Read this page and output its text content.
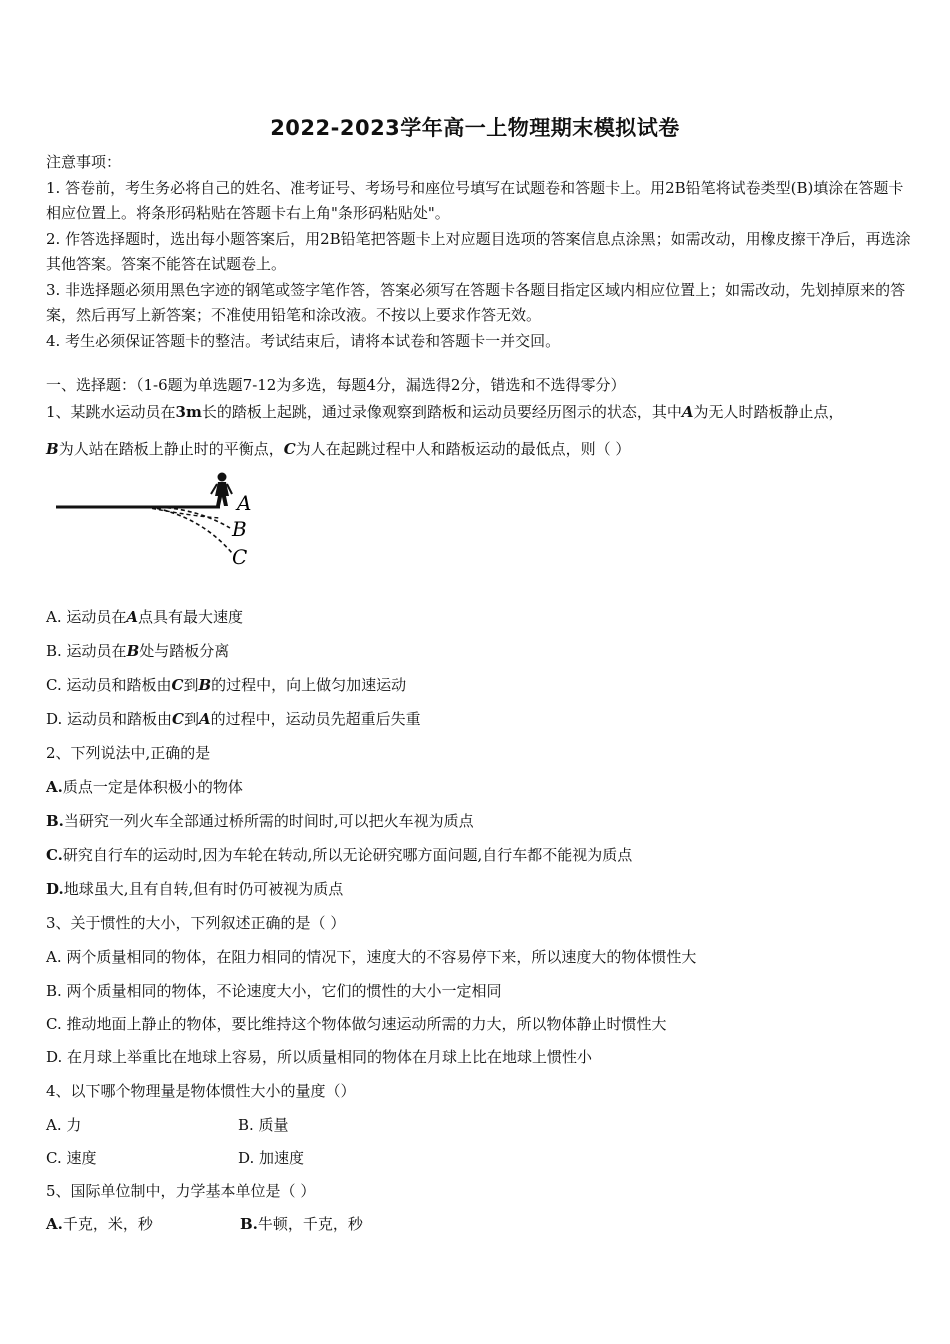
2022-2023学年高一上物理期末模拟试卷

注意事项：

1. 答卷前，考生务必将自己的姓名、准考证号、考场号和座位号填写在试题卷和答题卡上。用2B铅笔将试卷类型(B)填涂在答题卡相应位置上。将条形码粘贴在答题卡右上角"条形码粘贴处"。

2. 作答选择题时，选出每小题答案后，用2B铅笔把答题卡上对应题目选项的答案信息点涂黑；如需改动，用橡皮擦干净后，再选涂其他答案。答案不能答在试题卷上。

3. 非选择题必须用黑色字迹的钢笔或签字笔作答，答案必须写在答题卡各题目指定区域内相应位置上；如需改动，先划掉原来的答案，然后再写上新答案；不准使用铅笔和涂改液。不按以上要求作答无效。

4. 考生必须保证答题卡的整洁。考试结束后，请将本试卷和答题卡一并交回。

一、选择题：（1-6题为单选题7-12为多选，每题4分，漏选得2分，错选和不选得零分）
1、某跳水运动员在3m长的踏板上起跳，通过录像观察到踏板和运动员要经历图示的状态，其中A为无人时踏板静止点，
B为人站在踏板上静止时的平衡点，C为人在起跳过程中人和踏板运动的最低点，则（ ）
A
B
C
A. 运动员在A点具有最大速度
B. 运动员在B处与踏板分离
C. 运动员和踏板由C到B的过程中，向上做匀加速运动
D. 运动员和踏板由C到A的过程中，运动员先超重后失重
2、下列说法中,正确的是
A.质点一定是体积极小的物体
B.当研究一列火车全部通过桥所需的时间时,可以把火车视为质点
C.研究自行车的运动时,因为车轮在转动,所以无论研究哪方面问题,自行车都不能视为质点
D.地球虽大,且有自转,但有时仍可被视为质点
3、关于惯性的大小，下列叙述正确的是（ ）
A. 两个质量相同的物体，在阻力相同的情况下，速度大的不容易停下来，所以速度大的物体惯性大
B. 两个质量相同的物体，不论速度大小，它们的惯性的大小一定相同
C. 推动地面上静止的物体，要比维持这个物体做匀速运动所需的力大，所以物体静止时惯性大
D. 在月球上举重比在地球上容易，所以质量相同的物体在月球上比在地球上惯性小
4、以下哪个物理量是物体惯性大小的量度（）
A. 力	B. 质量
C. 速度	D. 加速度
5、国际单位制中，力学基本单位是（ ）
A.千克，米，秒	B.牛顿，千克，秒
